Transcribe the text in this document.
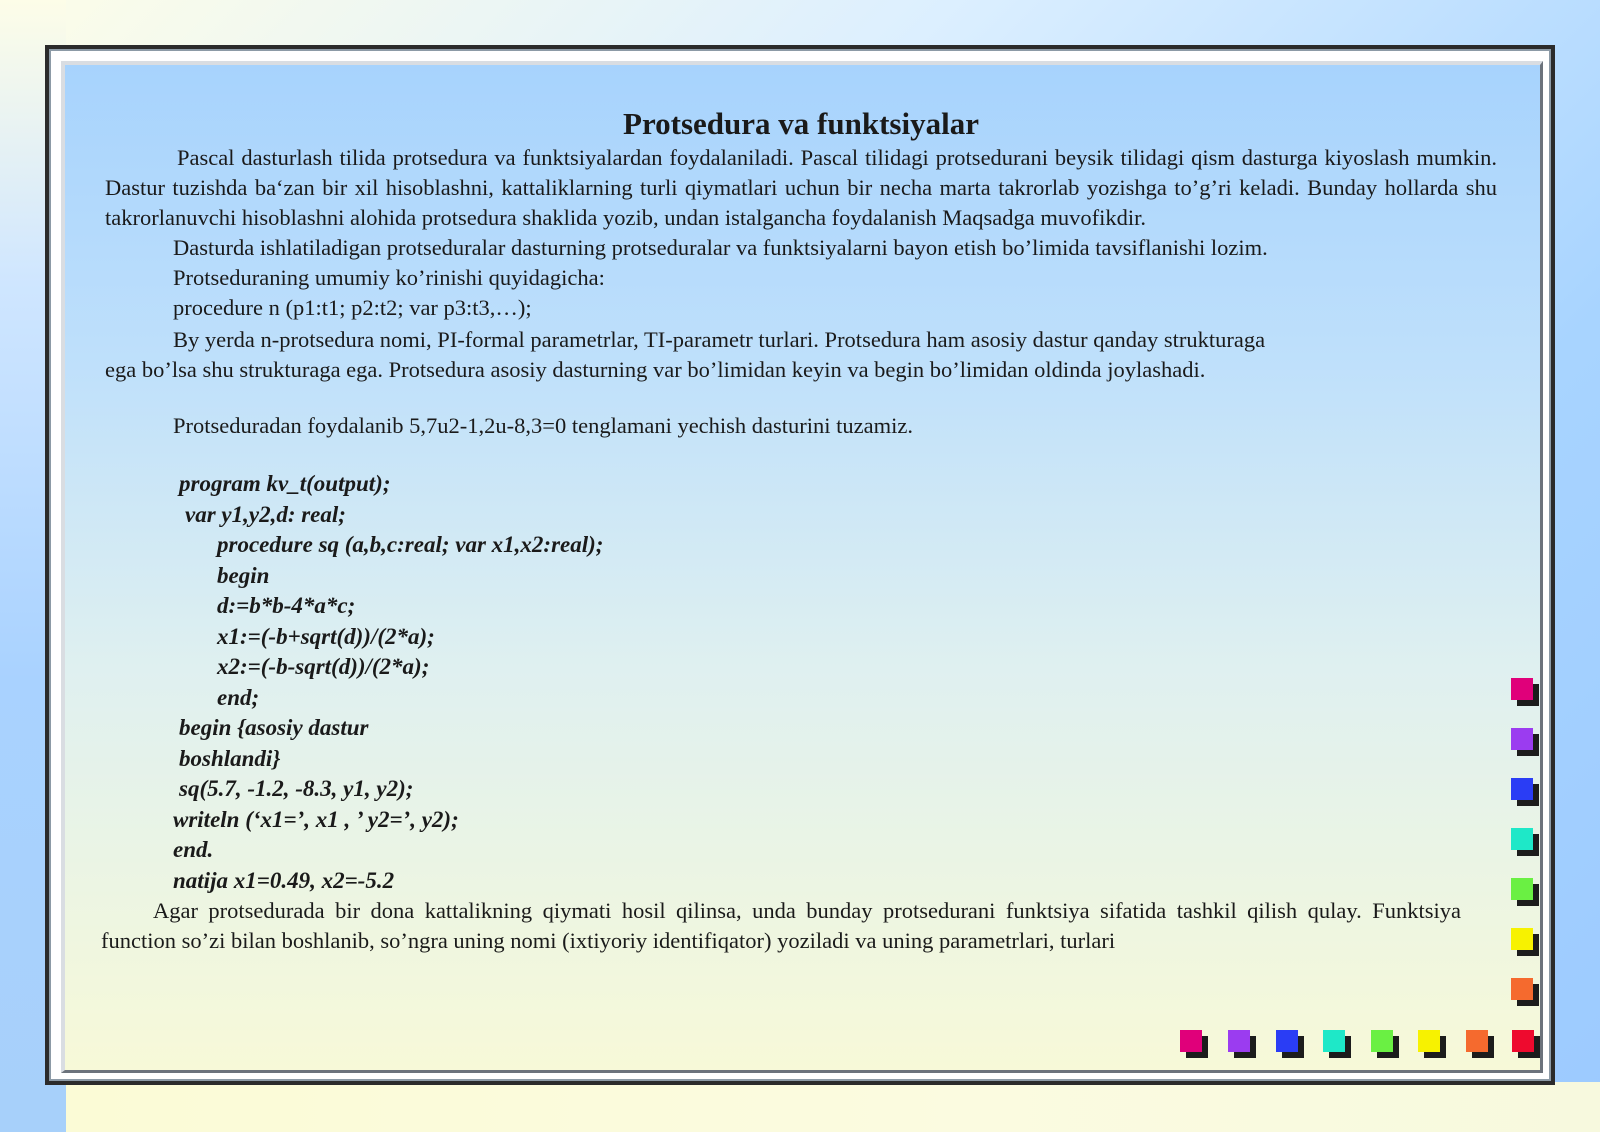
Protsedura va funktsiyalar

Pascal dasturlash tilida protsedura va funktsiyalardan foydalaniladi. Pascal tilidagi protsedurani beysik tilidagi qism dasturga kiyoslash mumkin. Dastur tuzishda ba‘zan bir xil hisoblashni, kattaliklarning turli qiymatlari uchun bir necha marta takrorlab yozishga to’g’ri keladi. Bunday hollarda shu takrorlanuvchi hisoblashni alohida protsedura shaklida yozib, undan istalgancha foydalanish Maqsadga muvofikdir.

Dasturda ishlatiladigan protseduralar dasturning protseduralar va funktsiyalarni bayon etish bo’limida tavsiflanishi lozim.

Protseduraning umumiy ko’rinishi quyidagicha:

procedure n (p1:t1; p2:t2; var p3:t3,…);

By yerda n-protsedura nomi, PI-formal parametrlar, TI-parametr turlari. Protsedura ham asosiy dastur qanday strukturaga

ega bo’lsa shu strukturaga ega. Protsedura asosiy dasturning var bo’limidan keyin va begin bo’limidan oldinda joylashadi.

Protseduradan foydalanib 5,7u2-1,2u-8,3=0 tenglamani yechish dasturini tuzamiz.

program kv_t(output);

var y1,y2,d: real;

procedure sq (a,b,c:real; var x1,x2:real);

begin

d:=b*b-4*a*c;

x1:=(-b+sqrt(d))/(2*a);

x2:=(-b-sqrt(d))/(2*a);

end;

begin {asosiy dastur

boshlandi}

sq(5.7, -1.2, -8.3, y1, y2);

writeln (‘x1=’, x1 , ’ y2=’, y2);

end.

natija x1=0.49, x2=-5.2

Agar protseduradа bir dona kattalikning qiymati hosil qilinsa, unda bunday protsedurani funktsiya sifatida tashkil qilish qulay. Funktsiya function so’zi bilan boshlanib, so’ngra uning nomi (ixtiyoriy identifiqator) yoziladi va uning parametrlari, turlari
